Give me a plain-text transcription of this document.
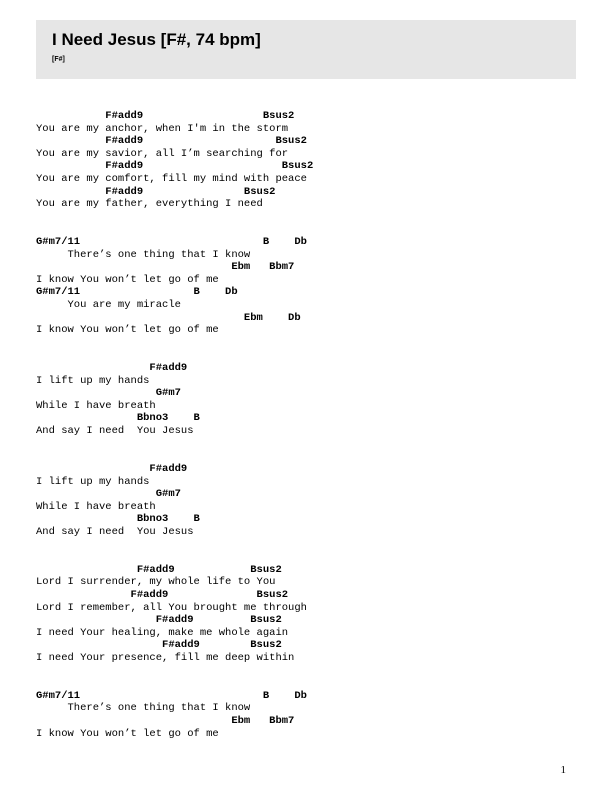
I Need Jesus [F#, 74 bpm]
[F#]
F#add9                   Bsus2
You are my anchor, when I'm in the storm
F#add9                     Bsus2
You are my savior, all I’m searching for
F#add9                      Bsus2
You are my comfort, fill my mind with peace
F#add9                Bsus2
You are my father, everything I need
G#m7/11                             B    Db
There’s one thing that I know
Ebm   Bbm7
I know You won’t let go of me
G#m7/11                  B    Db
You are my miracle
Ebm    Db
I know You won’t let go of me
F#add9
I lift up my hands
G#m7
While I have breath
Bbno3    B
And say I need  You Jesus
F#add9
I lift up my hands
G#m7
While I have breath
Bbno3    B
And say I need  You Jesus
F#add9            Bsus2
Lord I surrender, my whole life to You
F#add9              Bsus2
Lord I remember, all You brought me through
F#add9         Bsus2
I need Your healing, make me whole again
F#add9        Bsus2
I need Your presence, fill me deep within
G#m7/11                             B    Db
There’s one thing that I know
Ebm   Bbm7
I know You won’t let go of me
1
